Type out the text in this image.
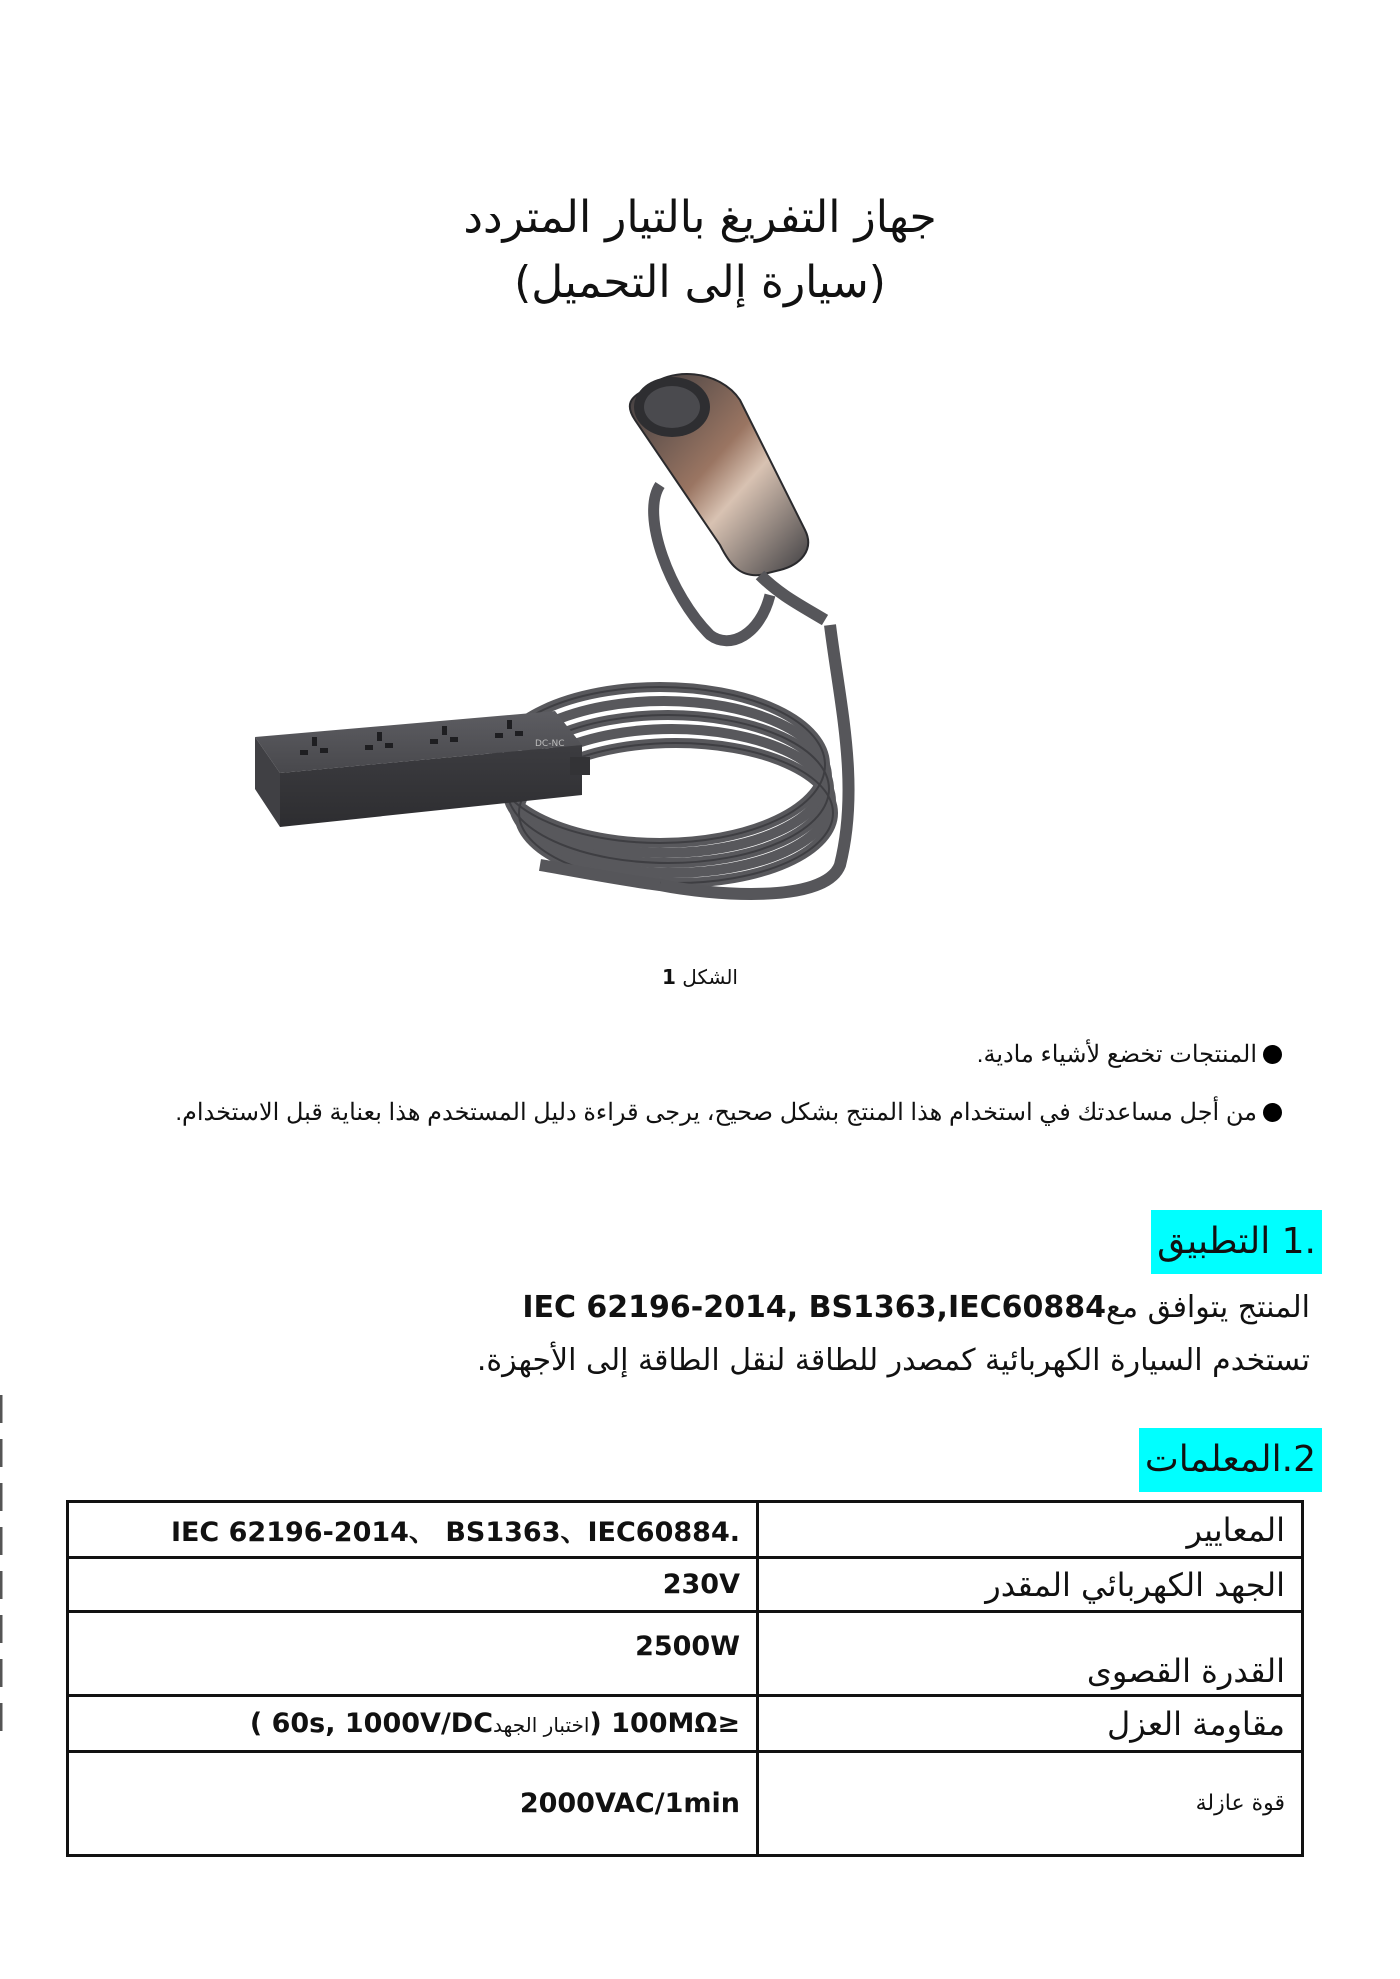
جهاز التفريغ بالتيار المتردد
(سيارة إلى التحميل)
DC-NC
الشكل 1
المنتجات تخضع لأشياء مادية.
من أجل مساعدتك في استخدام هذا المنتج بشكل صحيح، يرجى قراءة دليل المستخدم هذا بعناية قبل الاستخدام.
.1 التطبيق
المنتج يتوافق معIEC 62196-2014, BS1363,IEC60884
تستخدم السيارة الكهربائية كمصدر للطاقة لنقل الطاقة إلى الأجهزة.
2.المعلمات
IEC 62196-2014、 BS1363、IEC60884.	المعايير
230V	الجهد الكهربائي المقدر
2500W	القدرة القصوى
( 60s, 1000V/DCاختبار الجهد) 100MΩ≥	مقاومة العزل
2000VAC/1min	قوة عازلة
